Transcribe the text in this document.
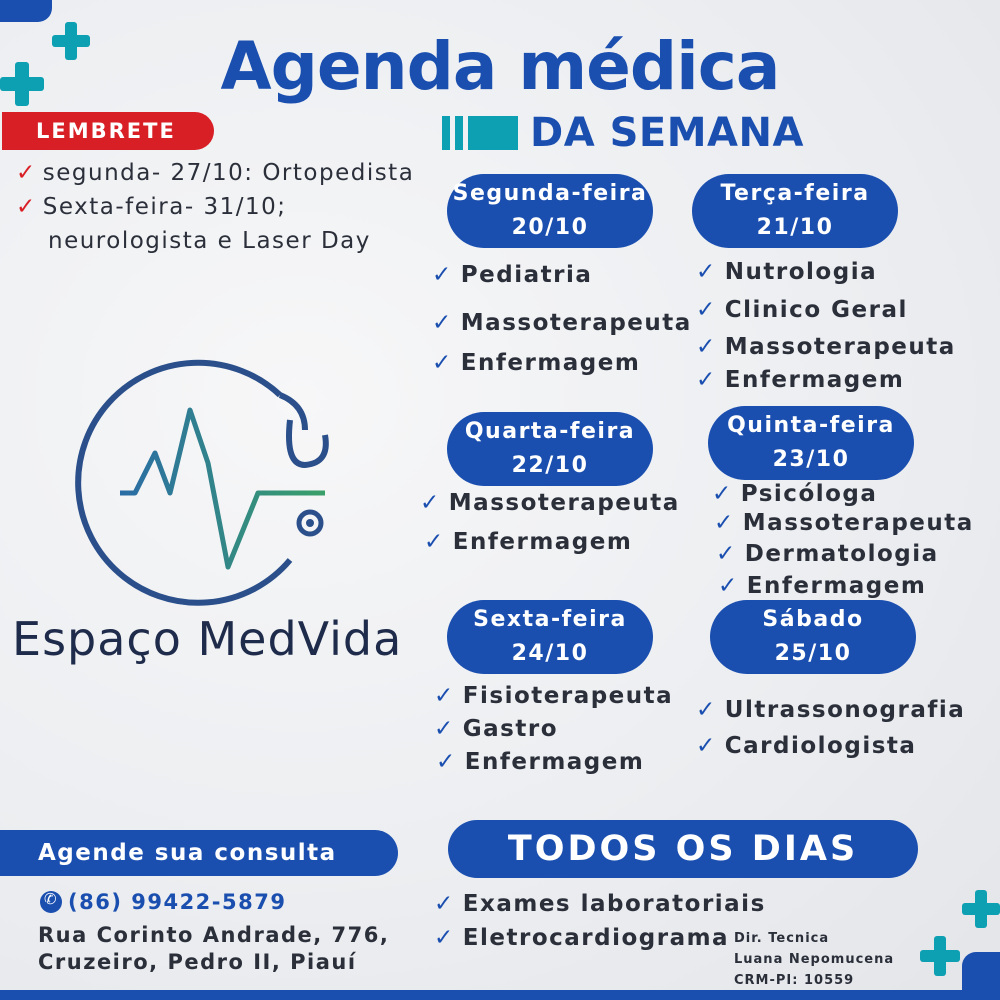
Agenda médica
DA SEMANA
LEMBRETE
✓ segunda- 27/10: Ortopedista
✓ Sexta-feira- 31/10;
neurologista e Laser Day
Espaço MedVida
Segunda-feira
20/10
✓ Pediatria
✓ Massoterapeuta
✓ Enfermagem
Terça-feira
21/10
✓ Nutrologia
✓ Clinico Geral
✓ Massoterapeuta
✓ Enfermagem
Quarta-feira
22/10
✓ Massoterapeuta
✓ Enfermagem
Quinta-feira
23/10
✓ Psicóloga
✓ Massoterapeuta
✓ Dermatologia
✓ Enfermagem
Sexta-feira
24/10
✓ Fisioterapeuta
✓ Gastro
✓ Enfermagem
Sábado
25/10
✓ Ultrassonografia
✓ Cardiologista
Agende sua consulta
✆
(86) 99422-5879
Rua Corinto Andrade, 776,
Cruzeiro, Pedro II, Piauí
TODOS OS DIAS
✓ Exames laboratoriais
✓ Eletrocardiograma Dir. Tecnica
Luana Nepomucena
CRM-PI: 10559
